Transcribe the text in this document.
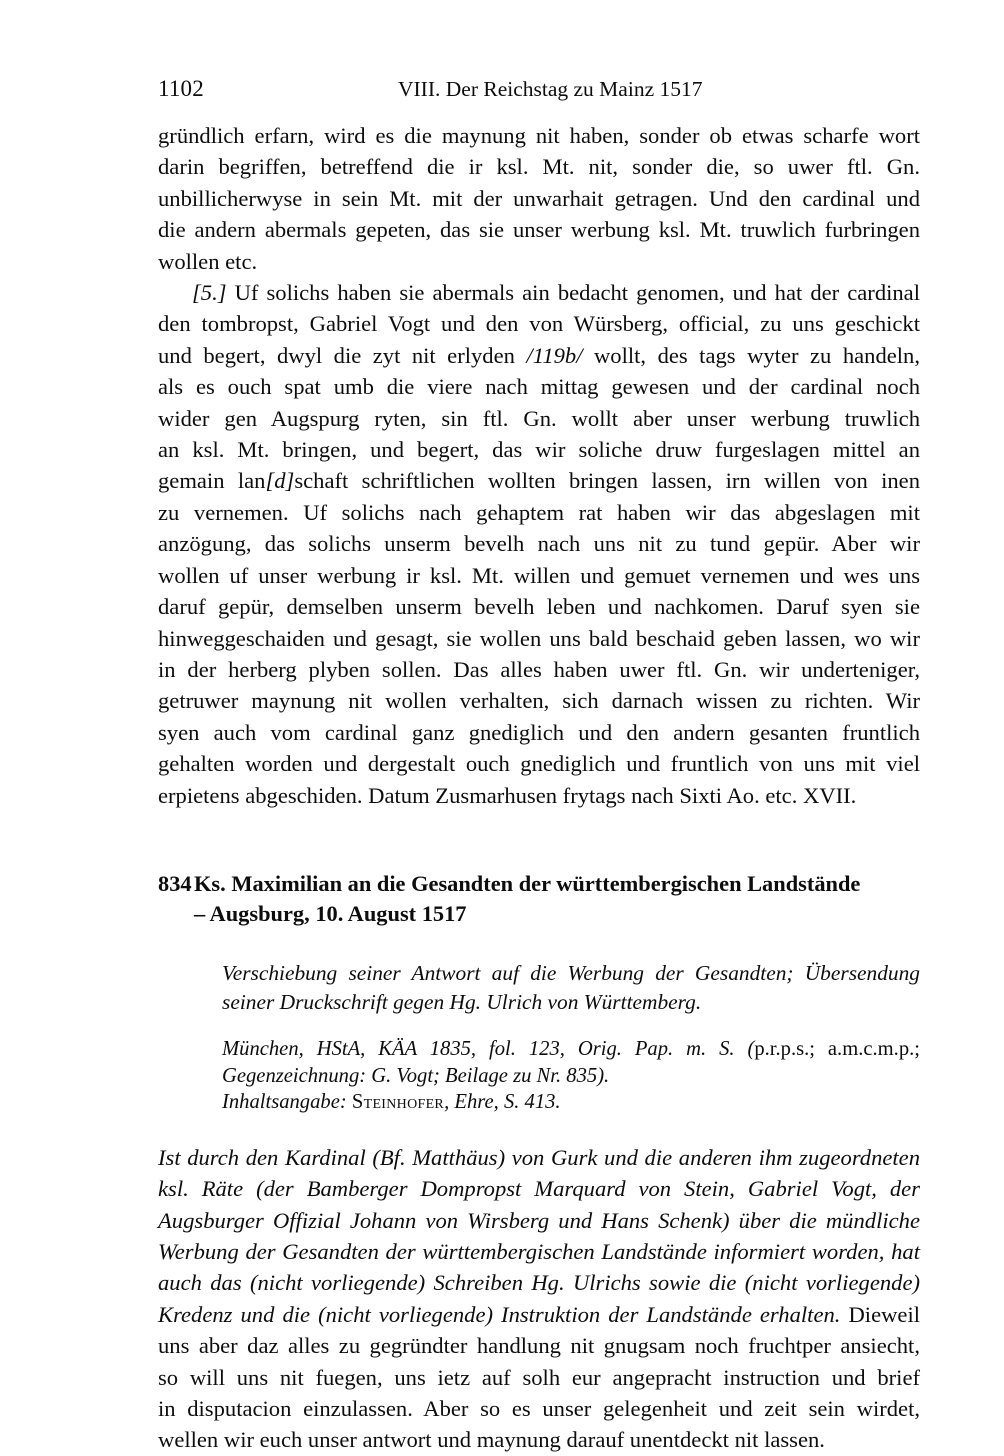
1102	VIII. Der Reichstag zu Mainz 1517

gründlich erfarn, wird es die maynung nit haben, sonder ob etwas scharfe wort
darin begriffen, betreffend die ir ksl. Mt. nit, sonder die, so uwer ftl. Gn.
unbillicherwyse in sein Mt. mit der unwarhait getragen. Und den cardinal und
die andern abermals gepeten, das sie unser werbung ksl. Mt. truwlich furbringen
wollen etc.

[5.] Uf solichs haben sie abermals ain bedacht genomen, und hat der cardinal
den tombropst, Gabriel Vogt und den von Würsberg, official, zu uns geschickt
und begert, dwyl die zyt nit erlyden /119b/ wollt, des tags wyter zu handeln,
als es ouch spat umb die viere nach mittag gewesen und der cardinal noch
wider gen Augspurg ryten, sin ftl. Gn. wollt aber unser werbung truwlich
an ksl. Mt. bringen, und begert, das wir soliche druw furgeslagen mittel an
gemain lan[d]schaft schriftlichen wollten bringen lassen, irn willen von inen
zu vernemen. Uf solichs nach gehaptem rat haben wir das abgeslagen mit
anzögung, das solichs unserm bevelh nach uns nit zu tund gepür. Aber wir
wollen uf unser werbung ir ksl. Mt. willen und gemuet vernemen und wes uns
daruf gepür, demselben unserm bevelh leben und nachkomen. Daruf syen sie
hinweggeschaiden und gesagt, sie wollen uns bald beschaid geben lassen, wo wir
in der herberg plyben sollen. Das alles haben uwer ftl. Gn. wir underteniger,
getruwer maynung nit wollen verhalten, sich darnach wissen zu richten. Wir
syen auch vom cardinal ganz gnediglich und den andern gesanten fruntlich
gehalten worden und dergestalt ouch gnediglich und fruntlich von uns mit viel
erpietens abgeschiden. Datum Zusmarhusen frytags nach Sixti Ao. etc. XVII.

834 Ks. Maximilian an die Gesandten der württembergischen Landstände
– Augsburg, 10. August 1517
Verschiebung seiner Antwort auf die Werbung der Gesandten; Übersendung
seiner Druckschrift gegen Hg. Ulrich von Württemberg.
München, HStA, KÄA 1835, fol. 123, Orig. Pap. m. S. (p.r.p.s.; a.m.c.m.p.;
Gegenzeichnung: G. Vogt; Beilage zu Nr. 835).
Inhaltsangabe: Steinhofer, Ehre, S. 413.
Ist durch den Kardinal (Bf. Matthäus) von Gurk und die anderen ihm zugeordneten
ksl. Räte (der Bamberger Dompropst Marquard von Stein, Gabriel Vogt, der
Augsburger Offizial Johann von Wirsberg und Hans Schenk) über die mündliche
Werbung der Gesandten der württembergischen Landstände informiert worden, hat
auch das (nicht vorliegende) Schreiben Hg. Ulrichs sowie die (nicht vorliegende)
Kredenz und die (nicht vorliegende) Instruktion der Landstände erhalten. Dieweil
uns aber daz alles zu gegründter handlung nit gnugsam noch fruchtper ansiecht,
so will uns nit fuegen, uns ietz auf solh eur angepracht instruction und brief
in disputacion einzulassen. Aber so es unser gelegenheit und zeit sein wirdet,
wellen wir euch unser antwort und maynung darauf unentdeckt nit lassen.
